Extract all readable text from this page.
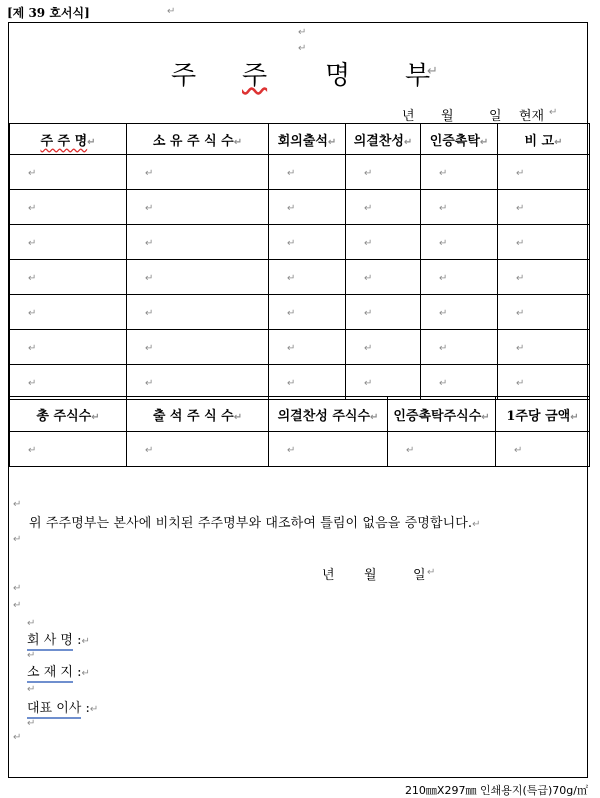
[제 39 호서식]	↵
↵
↵
주 주 명 부
↵
년 월	일 현재 ↵
주 주 명↵	소 유 주 식 수↵	회의출석↵	의결찬성↵	인증촉탁↵	비 고↵
↵	↵	↵	↵	↵	↵
↵	↵	↵	↵	↵	↵
↵	↵	↵	↵	↵	↵
↵	↵	↵	↵	↵	↵
↵	↵	↵	↵	↵	↵
↵	↵	↵	↵	↵	↵
↵	↵	↵	↵	↵	↵
총 주식수↵	출 석 주 식 수↵	의결찬성 주식수↵	인증촉탁주식수↵	1주당 금액↵
↵	↵	↵	↵	↵
↵
위 주주명부는 본사에 비치된 주주명부와 대조하여 틀림이 없음을 증명합니다.↵
↵
년 월	일 ↵
↵
↵
↵
회 사 명 :↵
↵
소 재 지 :↵
↵
대표 이사 :↵
↵
↵
210㎜X297㎜ 인쇄용지(특급)70g/㎡
